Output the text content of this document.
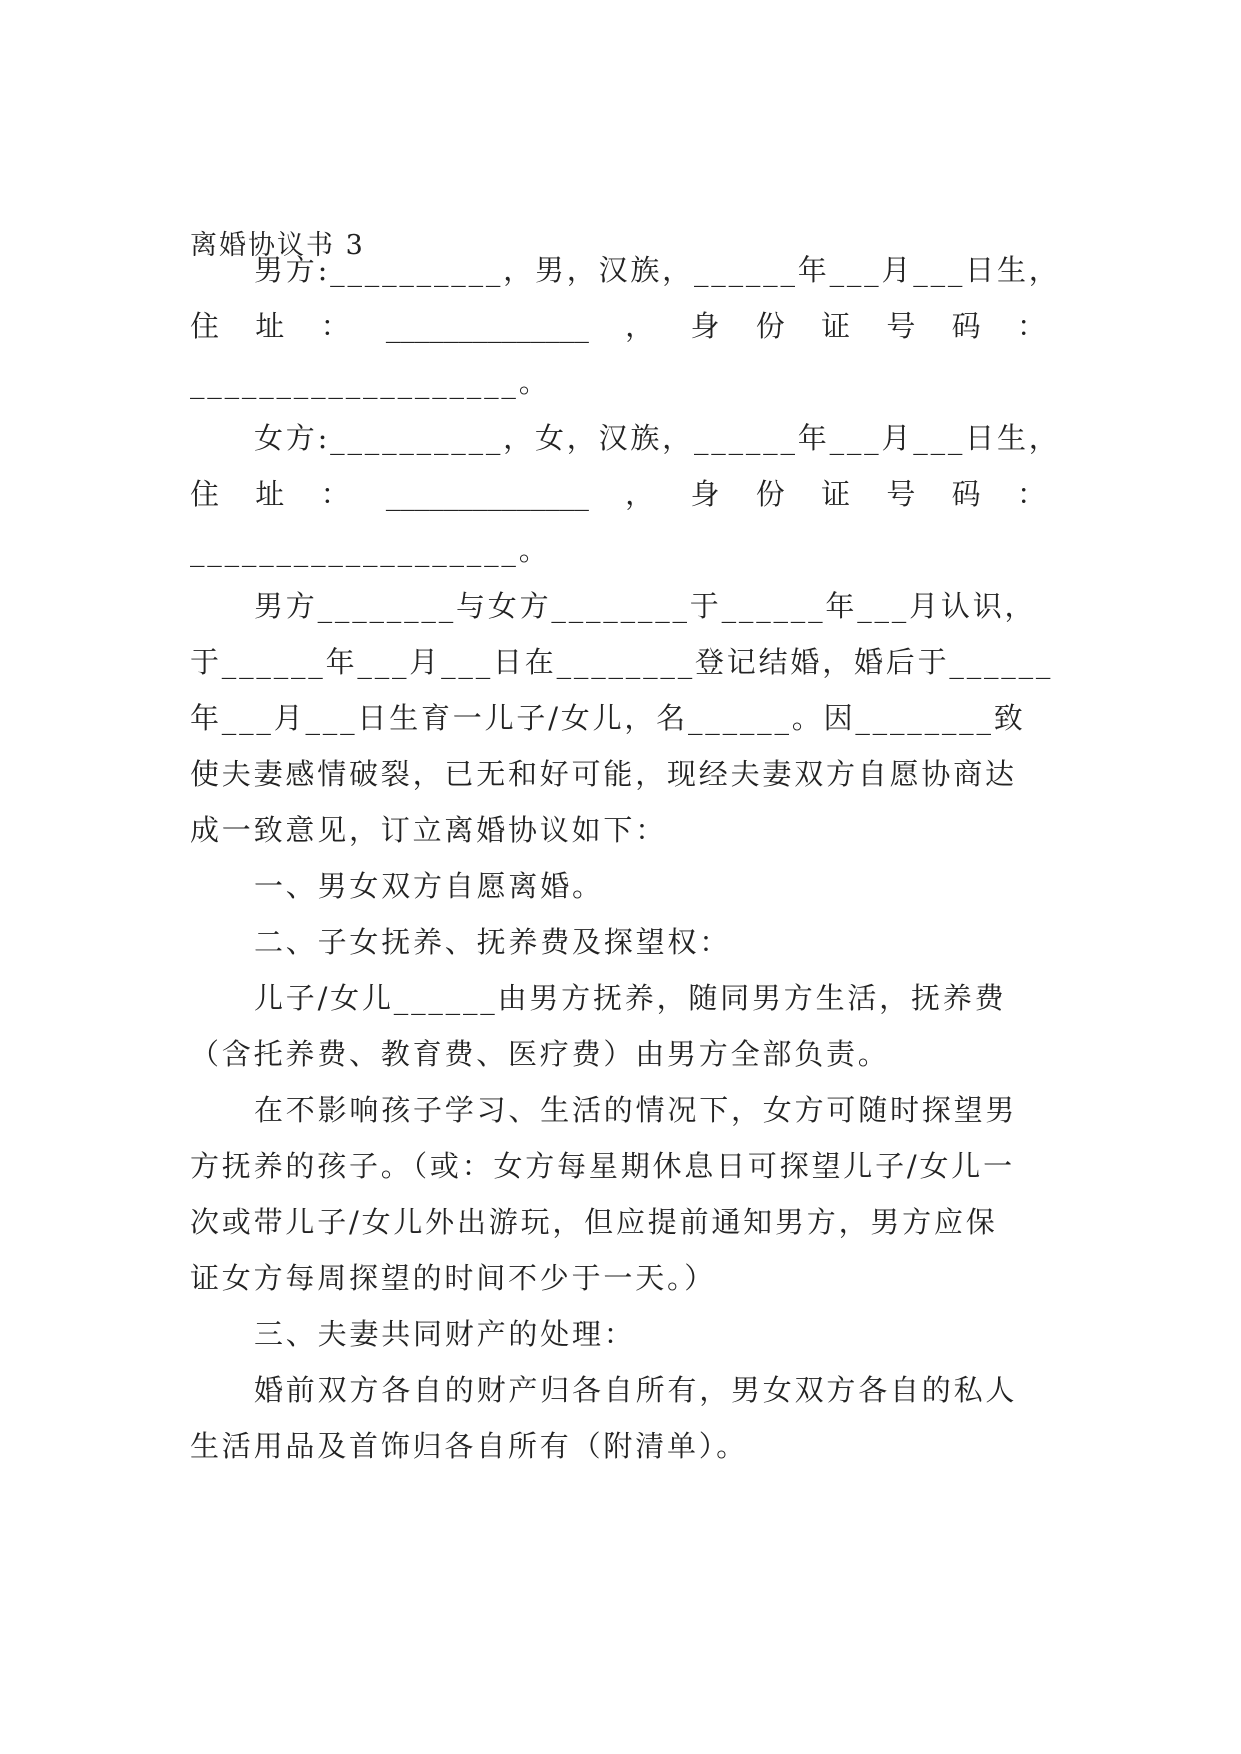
离婚协议书 3

男方:__________，男，汉族，______年___月___日生，

住 址 ： ______________ ， 身 份 证 号 码 ：

___________________。

女方:__________，女，汉族，______年___月___日生，

住 址 ： ______________ ， 身 份 证 号 码 ：

___________________。

男方________与女方________于______年___月认识，

于______年___月___日在________登记结婚，婚后于______

年___月___日生育一儿子/女儿，名______。因________致

使夫妻感情破裂，已无和好可能，现经夫妻双方自愿协商达

成一致意见，订立离婚协议如下：

一、男女双方自愿离婚。

二、子女抚养、抚养费及探望权：

儿子/女儿______由男方抚养，随同男方生活，抚养费

（含托养费、教育费、医疗费）由男方全部负责。

在不影响孩子学习、生活的情况下，女方可随时探望男

方抚养的孩子。（或：女方每星期休息日可探望儿子/女儿一

次或带儿子/女儿外出游玩，但应提前通知男方，男方应保

证女方每周探望的时间不少于一天。）

三、夫妻共同财产的处理：

婚前双方各自的财产归各自所有，男女双方各自的私人

生活用品及首饰归各自所有（附清单）。
